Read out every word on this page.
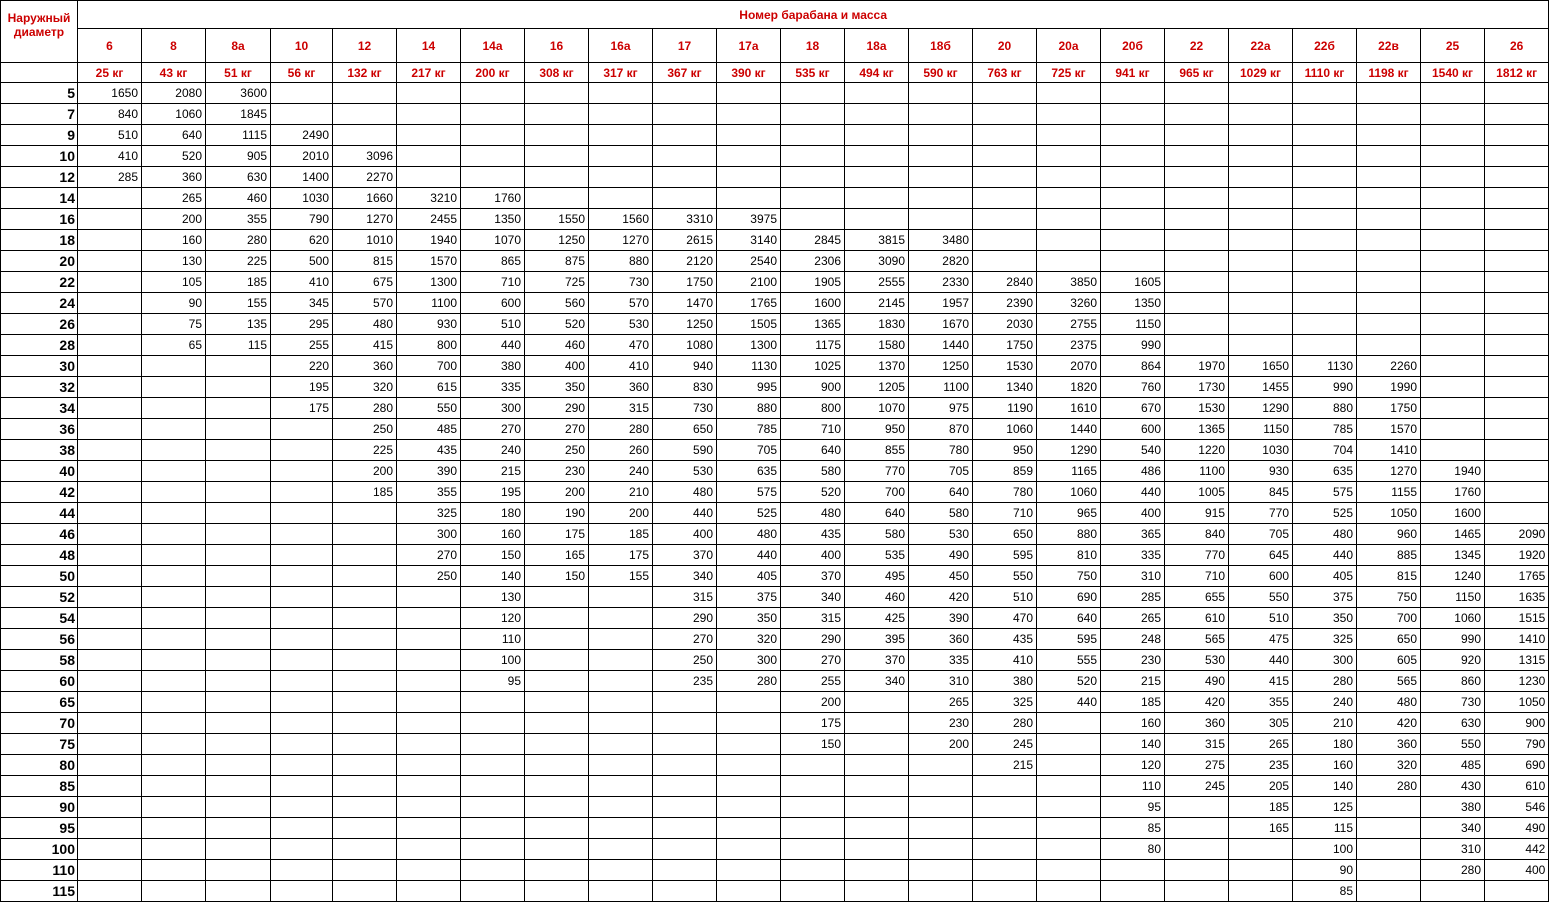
Наружный диаметр	Номер барабана и масса																						
	6	8	8а	10	12	14	14а	16	16а	17	17а	18	18а	18б	20	20а	20б	22	22а	22б	22в	25	26
	25 кг	43 кг	51 кг	56 кг	132 кг	217 кг	200 кг	308 кг	317 кг	367 кг	390 кг	535 кг	494 кг	590 кг	763 кг	725 кг	941 кг	965 кг	1029 кг	1110 кг	1198 кг	1540 кг	1812 кг
5	1650	2080	3600																				
7	840	1060	1845																				
9	510	640	1115	2490																			
10	410	520	905	2010	3096																		
12	285	360	630	1400	2270																		
14		265	460	1030	1660	3210	1760																
16		200	355	790	1270	2455	1350	1550	1560	3310	3975												
18		160	280	620	1010	1940	1070	1250	1270	2615	3140	2845	3815	3480									
20		130	225	500	815	1570	865	875	880	2120	2540	2306	3090	2820									
22		105	185	410	675	1300	710	725	730	1750	2100	1905	2555	2330	2840	3850	1605						
24		90	155	345	570	1100	600	560	570	1470	1765	1600	2145	1957	2390	3260	1350						
26		75	135	295	480	930	510	520	530	1250	1505	1365	1830	1670	2030	2755	1150						
28		65	115	255	415	800	440	460	470	1080	1300	1175	1580	1440	1750	2375	990						
30				220	360	700	380	400	410	940	1130	1025	1370	1250	1530	2070	864	1970	1650	1130	2260		
32				195	320	615	335	350	360	830	995	900	1205	1100	1340	1820	760	1730	1455	990	1990		
34				175	280	550	300	290	315	730	880	800	1070	975	1190	1610	670	1530	1290	880	1750		
36					250	485	270	270	280	650	785	710	950	870	1060	1440	600	1365	1150	785	1570		
38					225	435	240	250	260	590	705	640	855	780	950	1290	540	1220	1030	704	1410		
40					200	390	215	230	240	530	635	580	770	705	859	1165	486	1100	930	635	1270	1940	
42					185	355	195	200	210	480	575	520	700	640	780	1060	440	1005	845	575	1155	1760	
44						325	180	190	200	440	525	480	640	580	710	965	400	915	770	525	1050	1600	
46						300	160	175	185	400	480	435	580	530	650	880	365	840	705	480	960	1465	2090
48						270	150	165	175	370	440	400	535	490	595	810	335	770	645	440	885	1345	1920
50						250	140	150	155	340	405	370	495	450	550	750	310	710	600	405	815	1240	1765
52							130			315	375	340	460	420	510	690	285	655	550	375	750	1150	1635
54							120			290	350	315	425	390	470	640	265	610	510	350	700	1060	1515
56							110			270	320	290	395	360	435	595	248	565	475	325	650	990	1410
58							100			250	300	270	370	335	410	555	230	530	440	300	605	920	1315
60							95			235	280	255	340	310	380	520	215	490	415	280	565	860	1230
65												200		265	325	440	185	420	355	240	480	730	1050
70												175		230	280		160	360	305	210	420	630	900
75												150		200	245		140	315	265	180	360	550	790
80															215		120	275	235	160	320	485	690
85																	110	245	205	140	280	430	610
90																	95		185	125		380	546
95																	85		165	115		340	490
100																	80			100		310	442
110																				90		280	400
115																				85			
